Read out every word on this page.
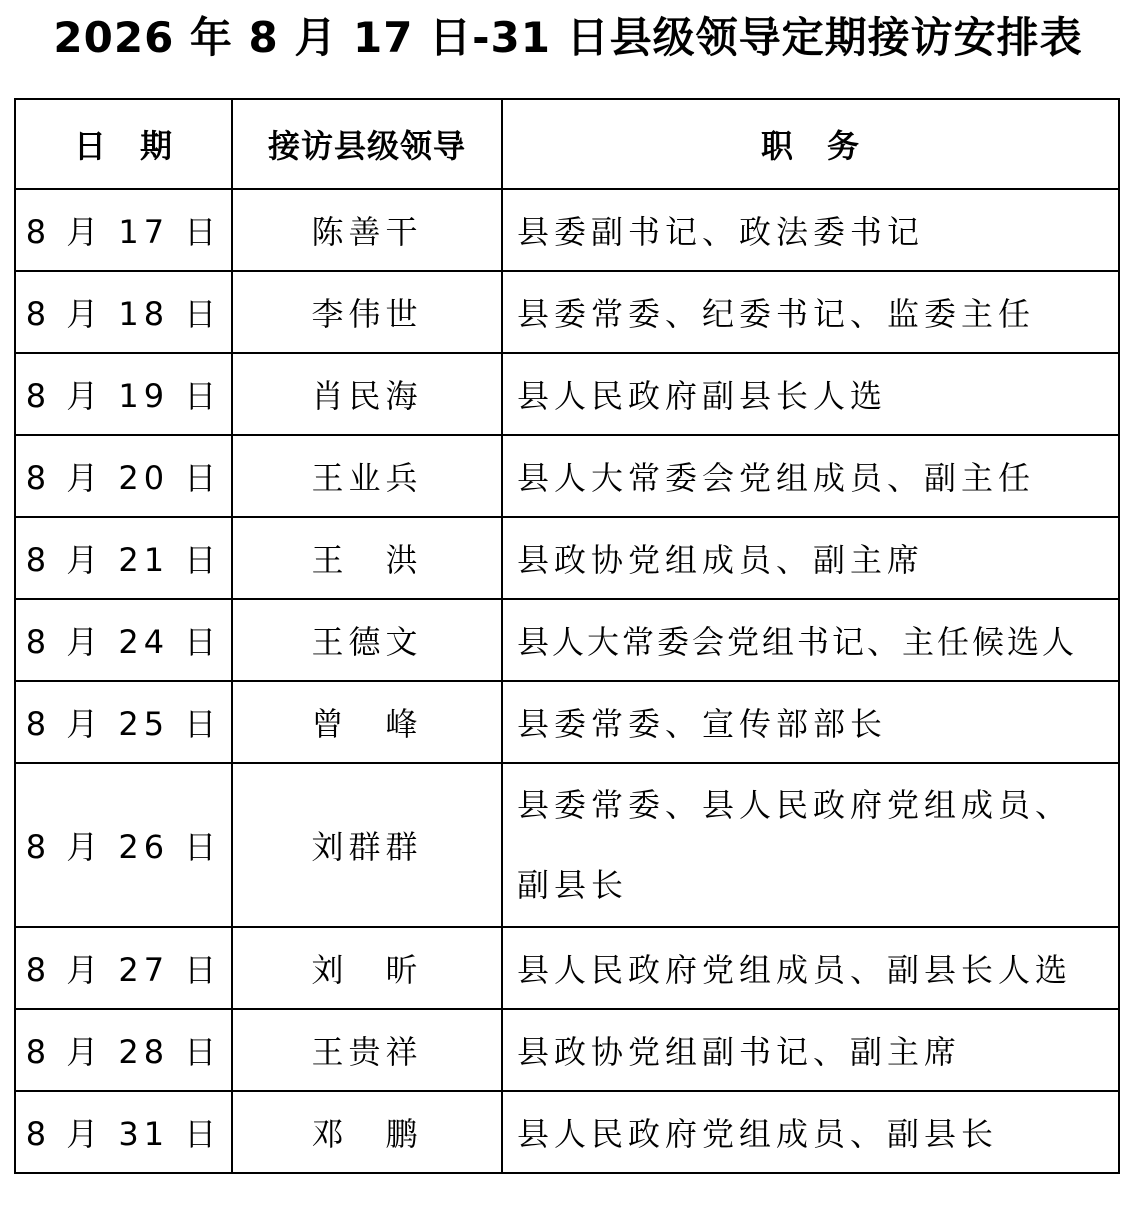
2026 年 8 月 17 日-31 日县级领导定期接访安排表
日　期	接访县级领导	职　务
8 月 17 日	陈善干	县委副书记、政法委书记
8 月 18 日	李伟世	县委常委、纪委书记、监委主任
8 月 19 日	肖民海	县人民政府副县长人选
8 月 20 日	王业兵	县人大常委会党组成员、副主任
8 月 21 日	王　洪	县政协党组成员、副主席
8 月 24 日	王德文	县人大常委会党组书记、主任候选人
8 月 25 日	曾　峰	县委常委、宣传部部长
8 月 26 日	刘群群	县委常委、县人民政府党组成员、副县长
8 月 27 日	刘　昕	县人民政府党组成员、副县长人选
8 月 28 日	王贵祥	县政协党组副书记、副主席
8 月 31 日	邓　鹏	县人民政府党组成员、副县长
